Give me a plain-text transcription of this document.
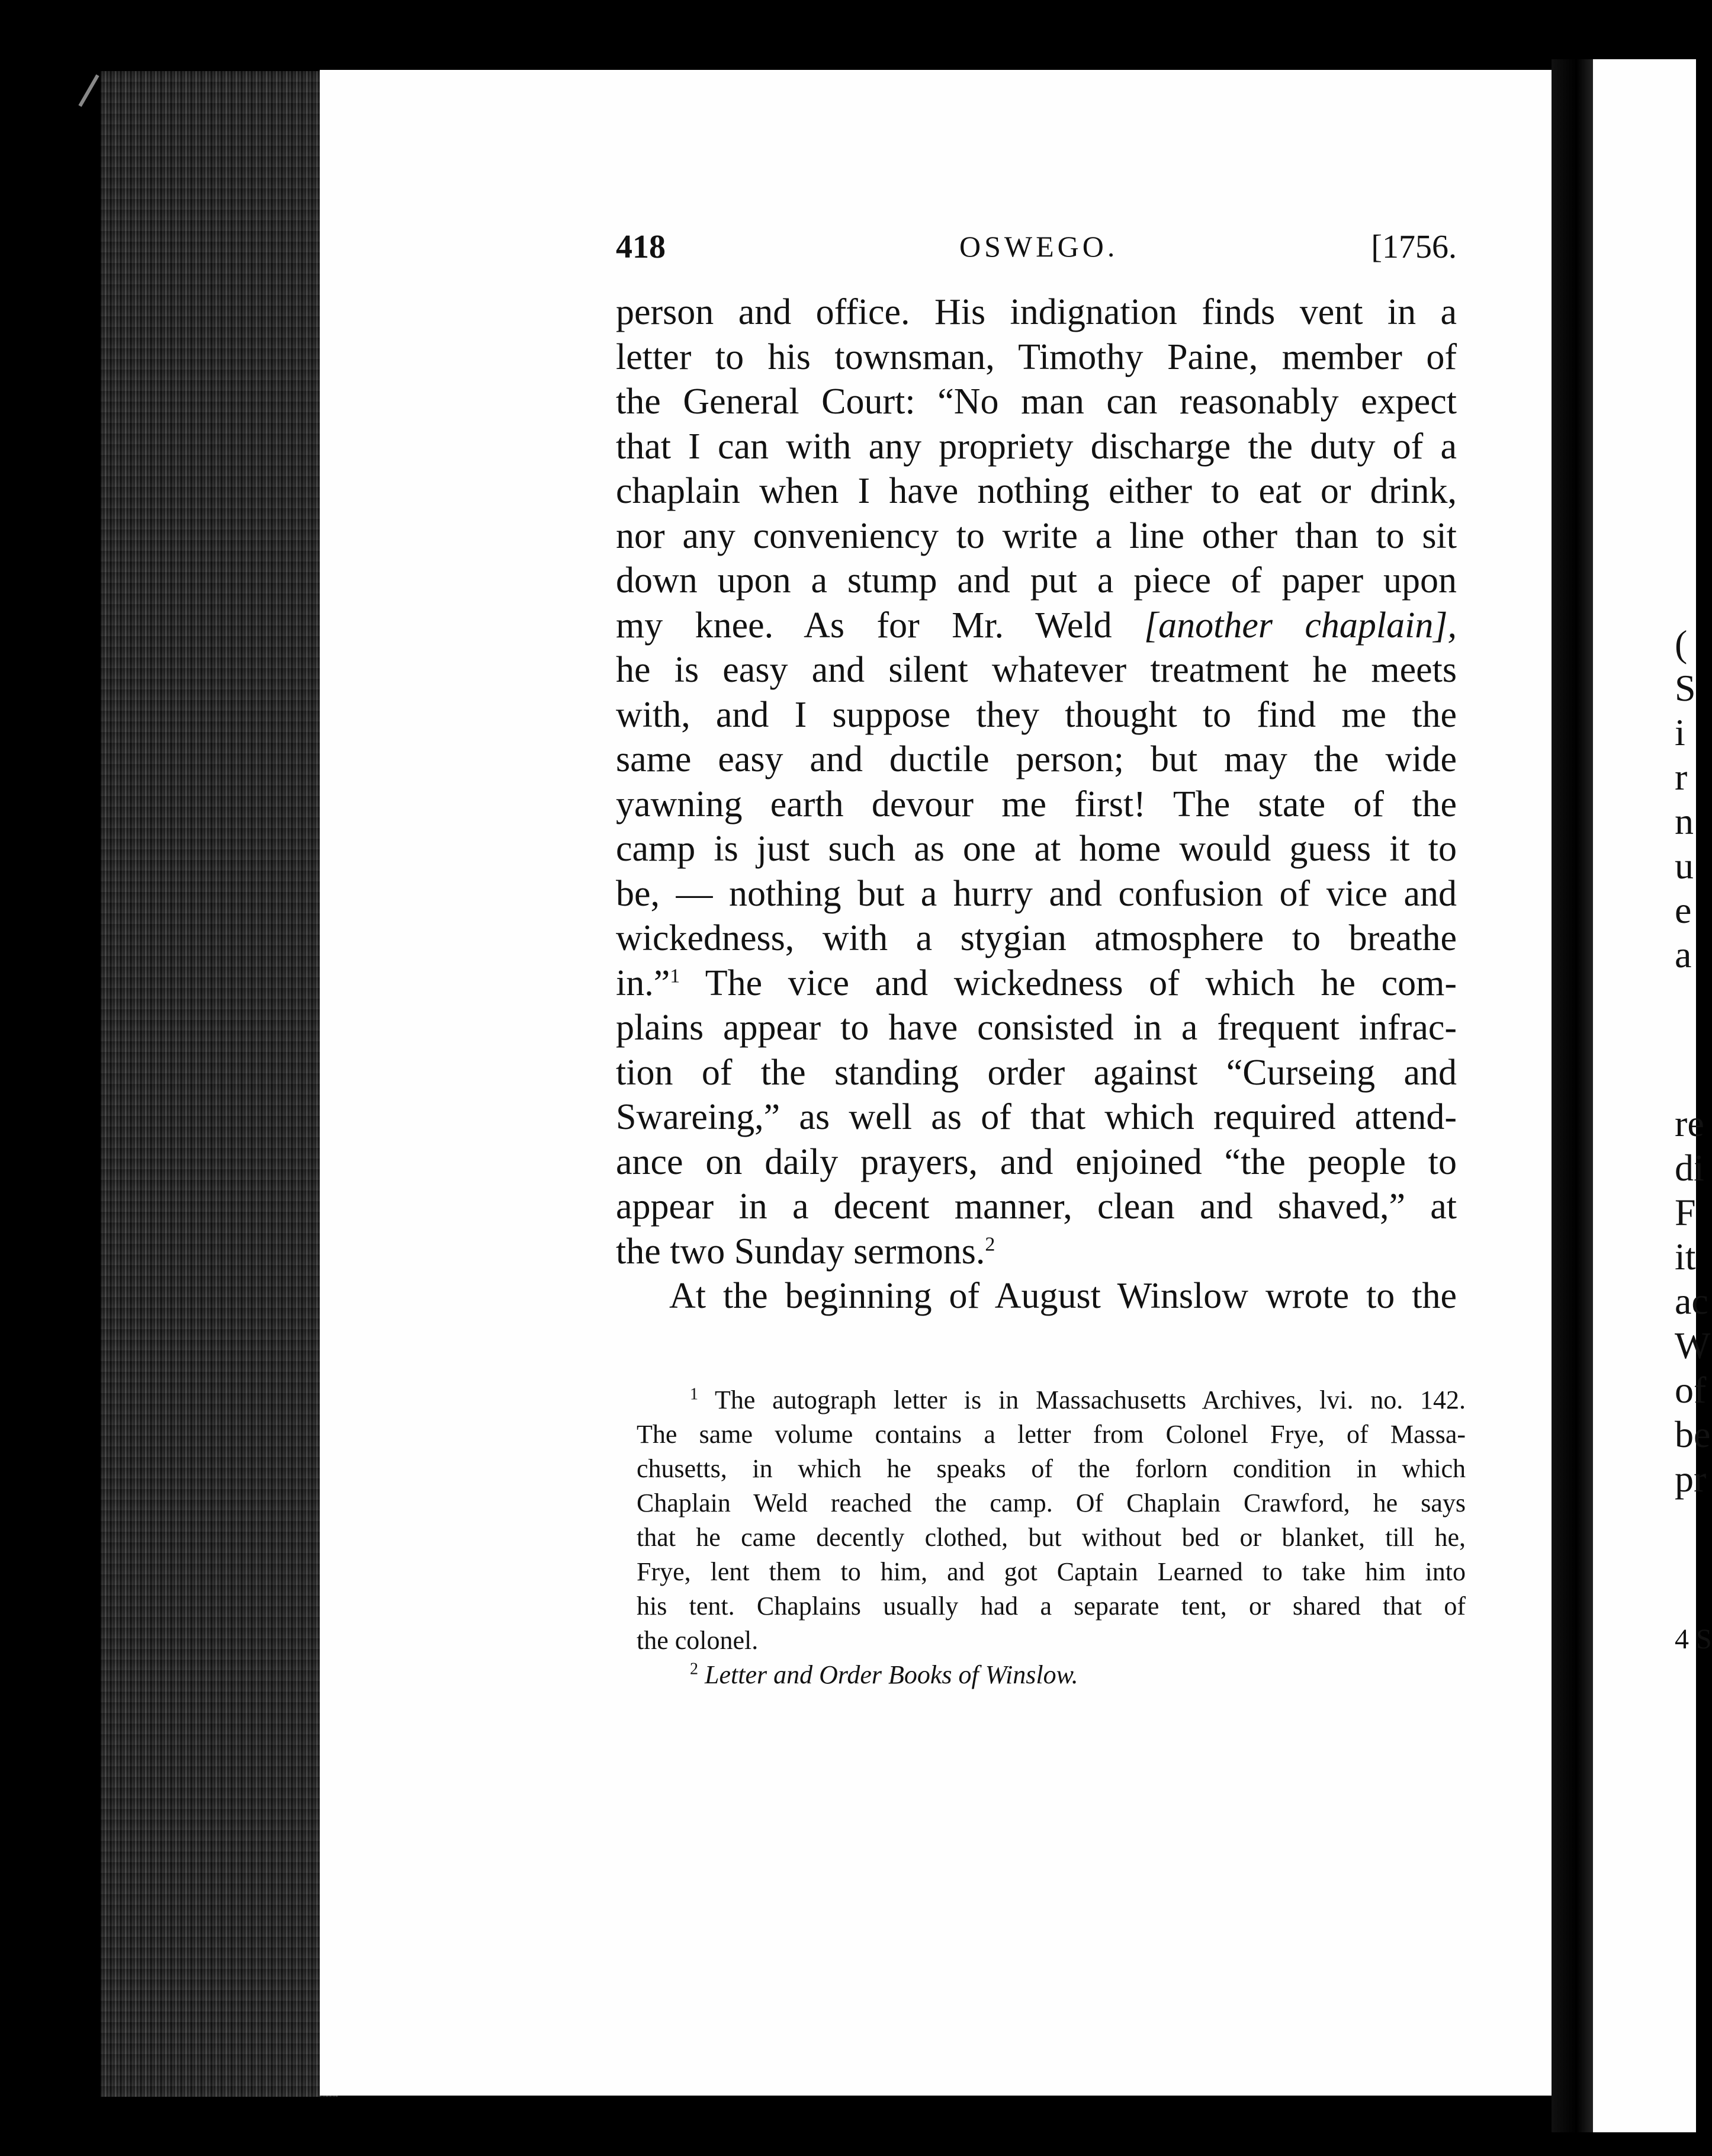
(
S
i
r
n
u
e
a
re
di
F
it
ac
W
of
be
pr
4 S
418	OSWEGO.	[1756.
person and office. His indignation finds vent in a
letter to his townsman, Timothy Paine, member of
the General Court: “No man can reasonably expect
that I can with any propriety discharge the duty of a
chaplain when I have nothing either to eat or drink,
nor any conveniency to write a line other than to sit
down upon a stump and put a piece of paper upon
my knee. As for Mr. Weld [another chaplain],
he is easy and silent whatever treatment he meets
with, and I suppose they thought to find me the
same easy and ductile person; but may the wide
yawning earth devour me first! The state of the
camp is just such as one at home would guess it to
be, — nothing but a hurry and confusion of vice and
wickedness, with a stygian atmosphere to breathe
in.”$^1$ The vice and wickedness of which he com-
plains appear to have consisted in a frequent infrac-
tion of the standing order against “Curseing and
Swareing,” as well as of that which required attend-
ance on daily prayers, and enjoined “the people to
appear in a decent manner, clean and shaved,” at
the two Sunday sermons.$^2$
At the beginning of August Winslow wrote to the
$^1$ The autograph letter is in Massachusetts Archives, lvi. no. 142.
The same volume contains a letter from Colonel Frye, of Massa-
chusetts, in which he speaks of the forlorn condition in which
Chaplain Weld reached the camp. Of Chaplain Crawford, he says
that he came decently clothed, but without bed or blanket, till he,
Frye, lent them to him, and got Captain Learned to take him into
his tent. Chaplains usually had a separate tent, or shared that of
the colonel.
$^2$ Letter and Order Books of Winslow.
